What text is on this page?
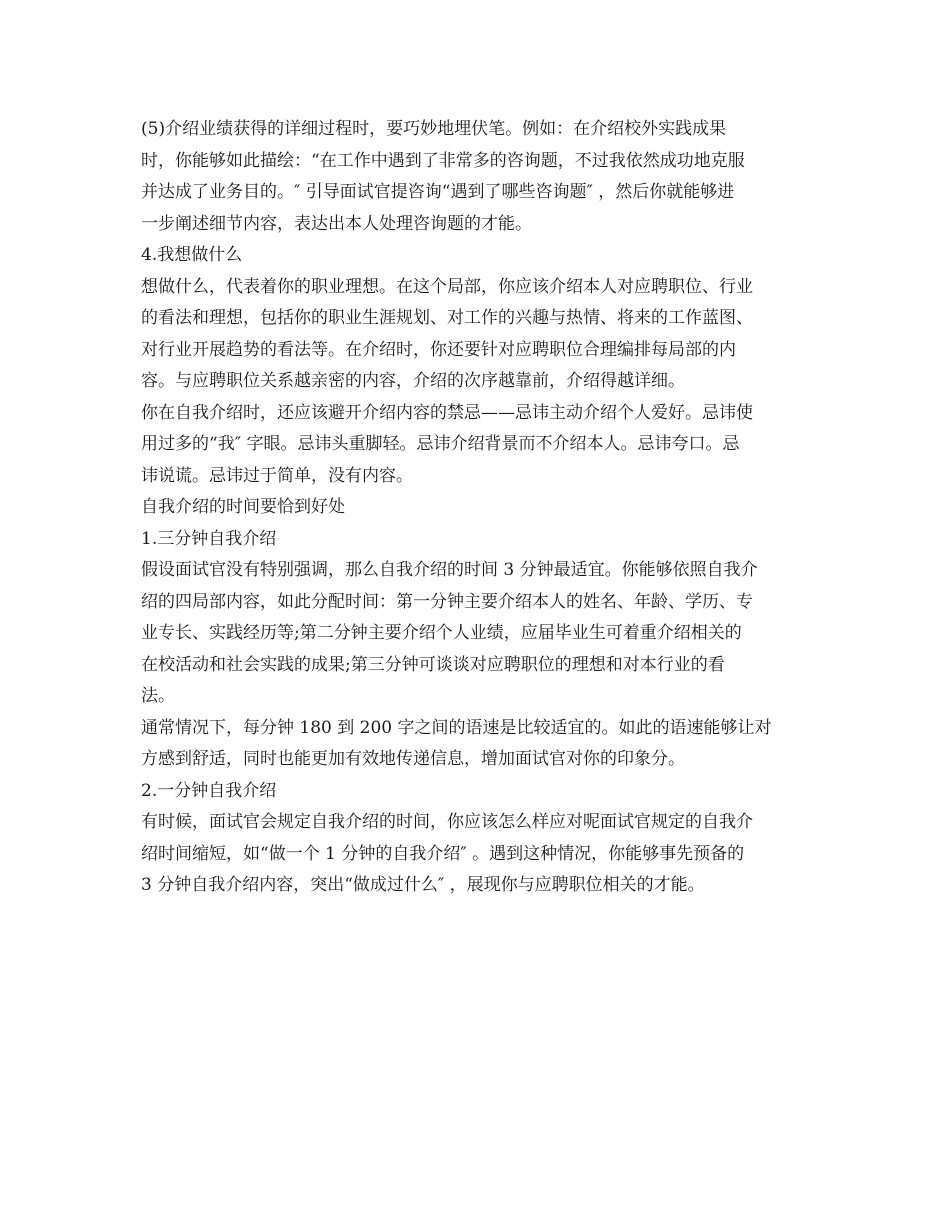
(5)介绍业绩获得的详细过程时，要巧妙地埋伏笔。例如：在介绍校外实践成果
时，你能够如此描绘：“在工作中遇到了非常多的咨询题，不过我依然成功地克服
并达成了业务目的。″ 引导面试官提咨询“遇到了哪些咨询题″ ，然后你就能够进
一步阐述细节内容，表达出本人处理咨询题的才能。
4.我想做什么
想做什么，代表着你的职业理想。在这个局部，你应该介绍本人对应聘职位、行业
的看法和理想，包括你的职业生涯规划、对工作的兴趣与热情、将来的工作蓝图、
对行业开展趋势的看法等。在介绍时，你还要针对应聘职位合理编排每局部的内
容。与应聘职位关系越亲密的内容，介绍的次序越靠前，介绍得越详细。
你在自我介绍时，还应该避开介绍内容的禁忌——忌讳主动介绍个人爱好。忌讳使
用过多的“我″ 字眼。忌讳头重脚轻。忌讳介绍背景而不介绍本人。忌讳夸口。忌
讳说谎。忌讳过于简单，没有内容。
自我介绍的时间要恰到好处
1.三分钟自我介绍
假设面试官没有特别强调，那么自我介绍的时间 3 分钟最适宜。你能够依照自我介
绍的四局部内容，如此分配时间：第一分钟主要介绍本人的姓名、年龄、学历、专
业专长、实践经历等;第二分钟主要介绍个人业绩，应届毕业生可着重介绍相关的
在校活动和社会实践的成果;第三分钟可谈谈对应聘职位的理想和对本行业的看
法。
通常情况下，每分钟 180 到 200 字之间的语速是比较适宜的。如此的语速能够让对
方感到舒适，同时也能更加有效地传递信息，增加面试官对你的印象分。
2.一分钟自我介绍
有时候，面试官会规定自我介绍的时间，你应该怎么样应对呢面试官规定的自我介
绍时间缩短，如“做一个 1 分钟的自我介绍″ 。遇到这种情况，你能够事先预备的
3 分钟自我介绍内容，突出“做成过什么″ ，展现你与应聘职位相关的才能。
